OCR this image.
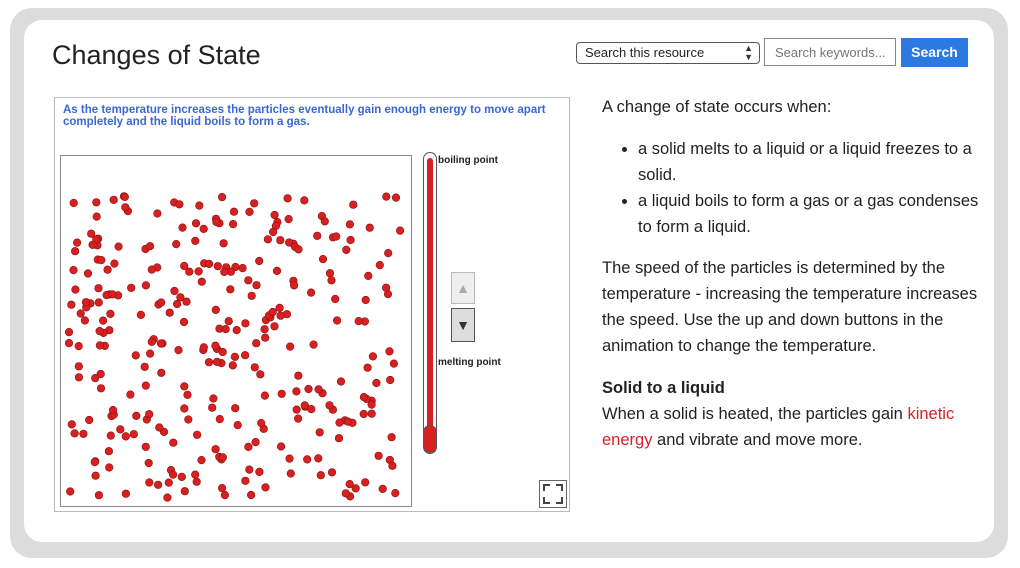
Changes of State	Search this resource	▲
▼
Search keywords...	Search
As the temperature increases the particles eventually gain enough energy to move apart completely and the liquid boils to form a gas.
boiling point
melting point
▲
▼

A change of state occurs when:

• a solid melts to a liquid or a liquid freezes to a solid.
• a liquid boils to form a gas or a gas condenses to form a liquid.

The speed of the particles is determined by the temperature - increasing the temperature increases the speed. Use the up and down buttons in the animation to change the temperature.

Solid to a liquid

When a solid is heated, the particles gain kinetic energy and vibrate and move more.
